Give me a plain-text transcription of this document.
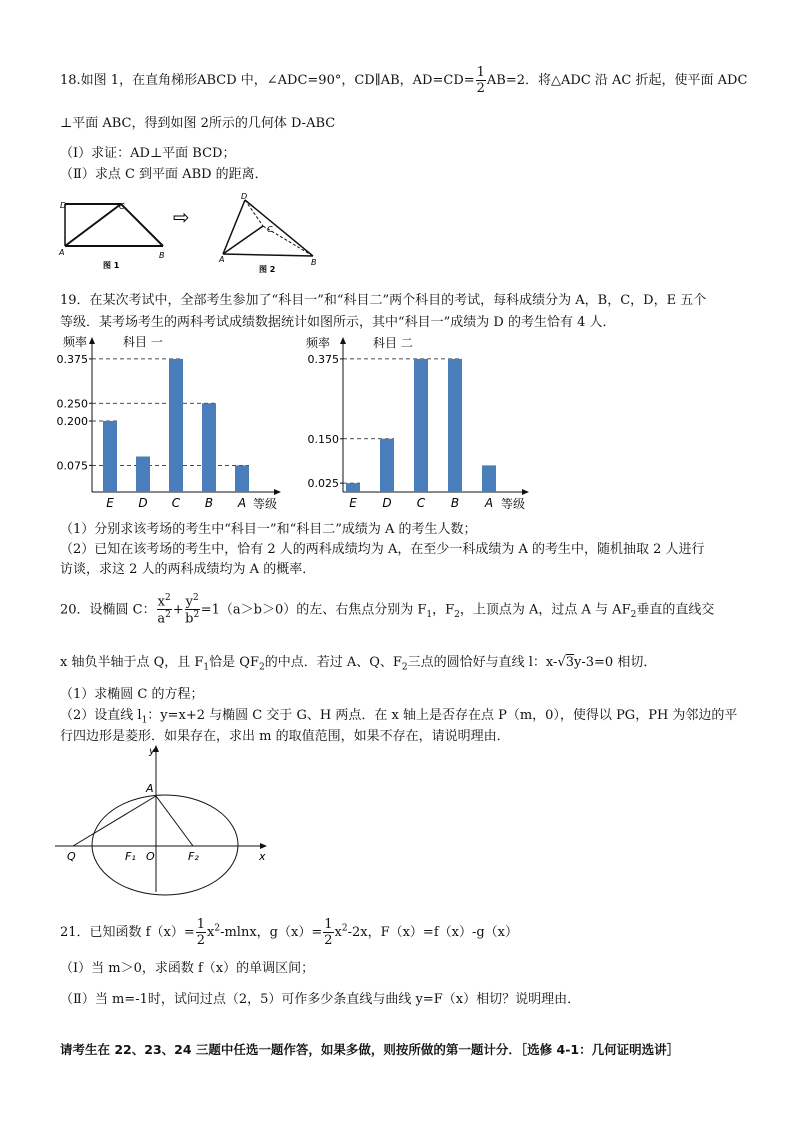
18.如图 1，在直角梯形ABCD 中，∠ADC=90°，CD∥AB，$AD=CD= \frac{1}{2} AB=2$．将△ADC 沿 AC 折起，使平面 ADC
⊥平面 ABC，得到如图 2所示的几何体 D-ABC
（Ⅰ）求证：AD⊥平面 BCD；
（Ⅱ）求点 C 到平面 ABD 的距离．
D	C
A	B
图 1
⇨
D
C
A	B
图 2
19．在某次考试中，全部考生参加了“科目一”和“科目二”两个科目的考试，每科成绩分为 A，B，C，D，E 五个
等级．某考场考生的两科考试成绩数据统计如图所示，其中“科目一”成绩为 D 的考生恰有 4 人．
频率	科目 一
等级
0.075
0.200
0.250
0.375
E D C B A
频率	科目 二
等级
0.025
0.150
0.375
E D C B A
（1）分别求该考场的考生中“科目一”和“科目二”成绩为 A 的考生人数；
（2）已知在该考场的考生中，恰有 2 人的两科成绩均为 A，在至少一科成绩为 A 的考生中，随机抽取 2 人进行
访谈，求这 2 人的两科成绩均为 A 的概率．
20．设椭圆 C： $\frac{x^2}{a^2} + \frac{y^2}{b^2} =1(a>b>0)$的左、右焦点分别为 $F_1$，$F_2$，上顶点为 A，过点 A 与 $AF_2$垂直的直线交
x 轴负半轴于点 Q，且 $F_1$恰是 $QF_2$的中点．若过 A、Q、$F_2$三点的圆恰好与直线 l：x-√3y-3=0 相切．
（1）求椭圆 C 的方程；
（2）设直线 $l_1$：y=x+2 与椭圆 C 交于 G、H 两点．在 x 轴上是否存在点 P（m，0），使得以 PG，PH 为邻边的平
行四边形是菱形．如果存在，求出 m 的取值范围，如果不存在，请说明理由．
y
x
A
Q	F₁ O	F₂
21．已知函数 $f(x)= \frac{1}{2} x^2-mlnx$，$g(x)= \frac{1}{2} x^2-2x$，F（x）=f（x）-g（x）
（Ⅰ）当 m＞0，求函数 f（x）的单调区间；
（Ⅱ）当 m=-1时，试问过点（2，5）可作多少条直线与曲线 y=F（x）相切？说明理由．
请考生在 22、23、24 三题中任选一题作答，如果多做，则按所做的第一题计分．［选修 4-1：几何证明选讲］
